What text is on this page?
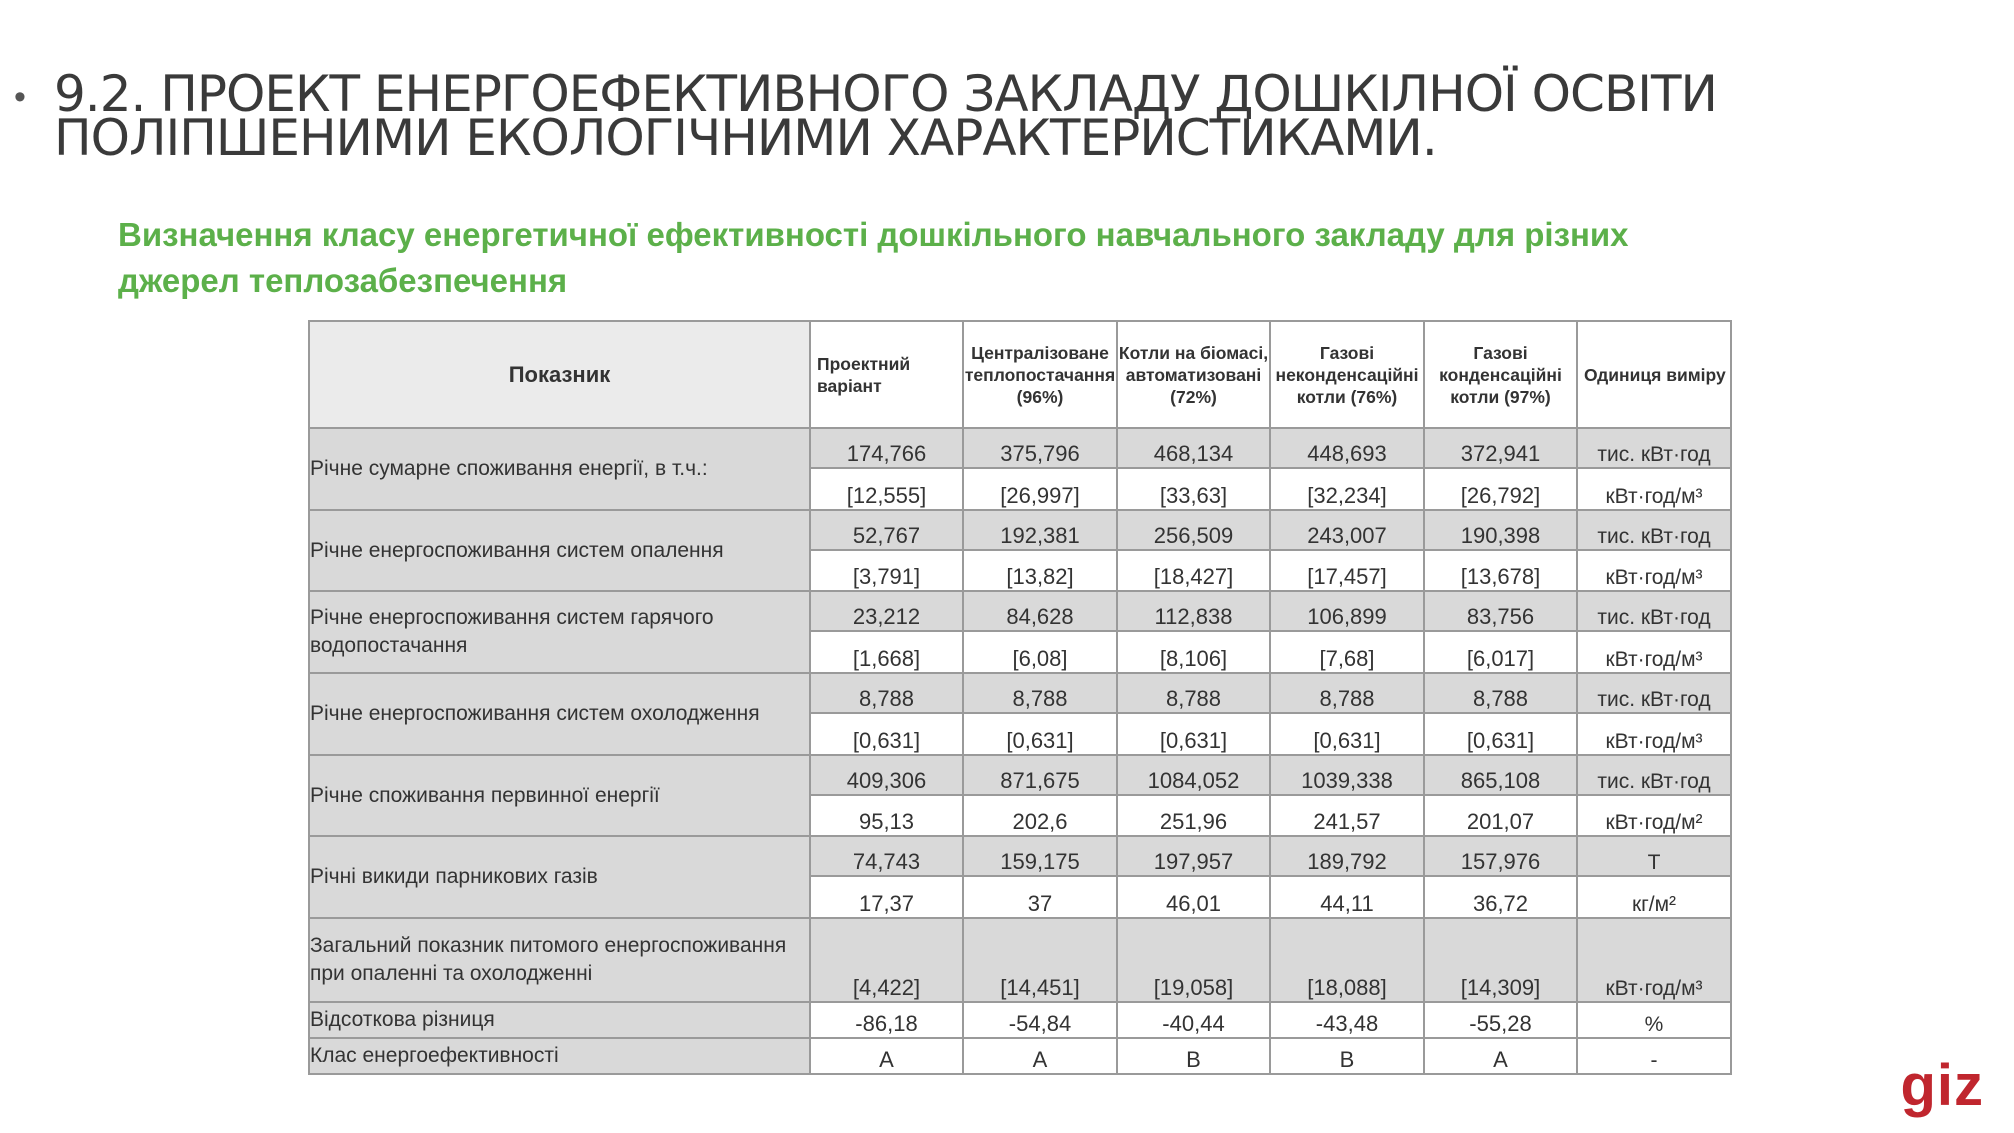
• 9.2. ПРОЕКТ ЕНЕРГОЕФЕКТИВНОГО ЗАКЛАДУ ДОШКІЛНОЇ ОСВІТИ
ПОЛІПШЕНИМИ ЕКОЛОГІЧНИМИ ХАРАКТЕРИСТИКАМИ.
Визначення класу енергетичної ефективності дошкільного навчального закладу для різних
джерел теплозабезпечення
Показник	Проектний варіант	Централізоване теплопостачання (96%)	Котли на біомасі, автоматизовані (72%)	Газові неконденсаційні котли (76%)	Газові конденсаційні котли (97%)	Одиниця виміру
Річне сумарне споживання енергії, в т.ч.:	174,766	375,796	468,134	448,693	372,941	тис. кВт·год
	[12,555]	[26,997]	[33,63]	[32,234]	[26,792]	кВт·год/м³
Річне енергоспоживання систем опалення	52,767	192,381	256,509	243,007	190,398	тис. кВт·год
	[3,791]	[13,82]	[18,427]	[17,457]	[13,678]	кВт·год/м³
Річне енергоспоживання систем гарячого водопостачання	23,212	84,628	112,838	106,899	83,756	тис. кВт·год
	[1,668]	[6,08]	[8,106]	[7,68]	[6,017]	кВт·год/м³
Річне енергоспоживання систем охолодження	8,788	8,788	8,788	8,788	8,788	тис. кВт·год
	[0,631]	[0,631]	[0,631]	[0,631]	[0,631]	кВт·год/м³
Річне споживання первинної енергії	409,306	871,675	1084,052	1039,338	865,108	тис. кВт·год
	95,13	202,6	251,96	241,57	201,07	кВт·год/м²
Річні викиди парникових газів	74,743	159,175	197,957	189,792	157,976	Т
	17,37	37	46,01	44,11	36,72	кг/м²
Загальний показник питомого енергоспоживання при опаленні та охолодженні	[4,422]	[14,451]	[19,058]	[18,088]	[14,309]	кВт·год/м³
Відсоткова різниця	-86,18	-54,84	-40,44	-43,48	-55,28	%
Клас енергоефективності	A	A	B	B	A	-	giz
